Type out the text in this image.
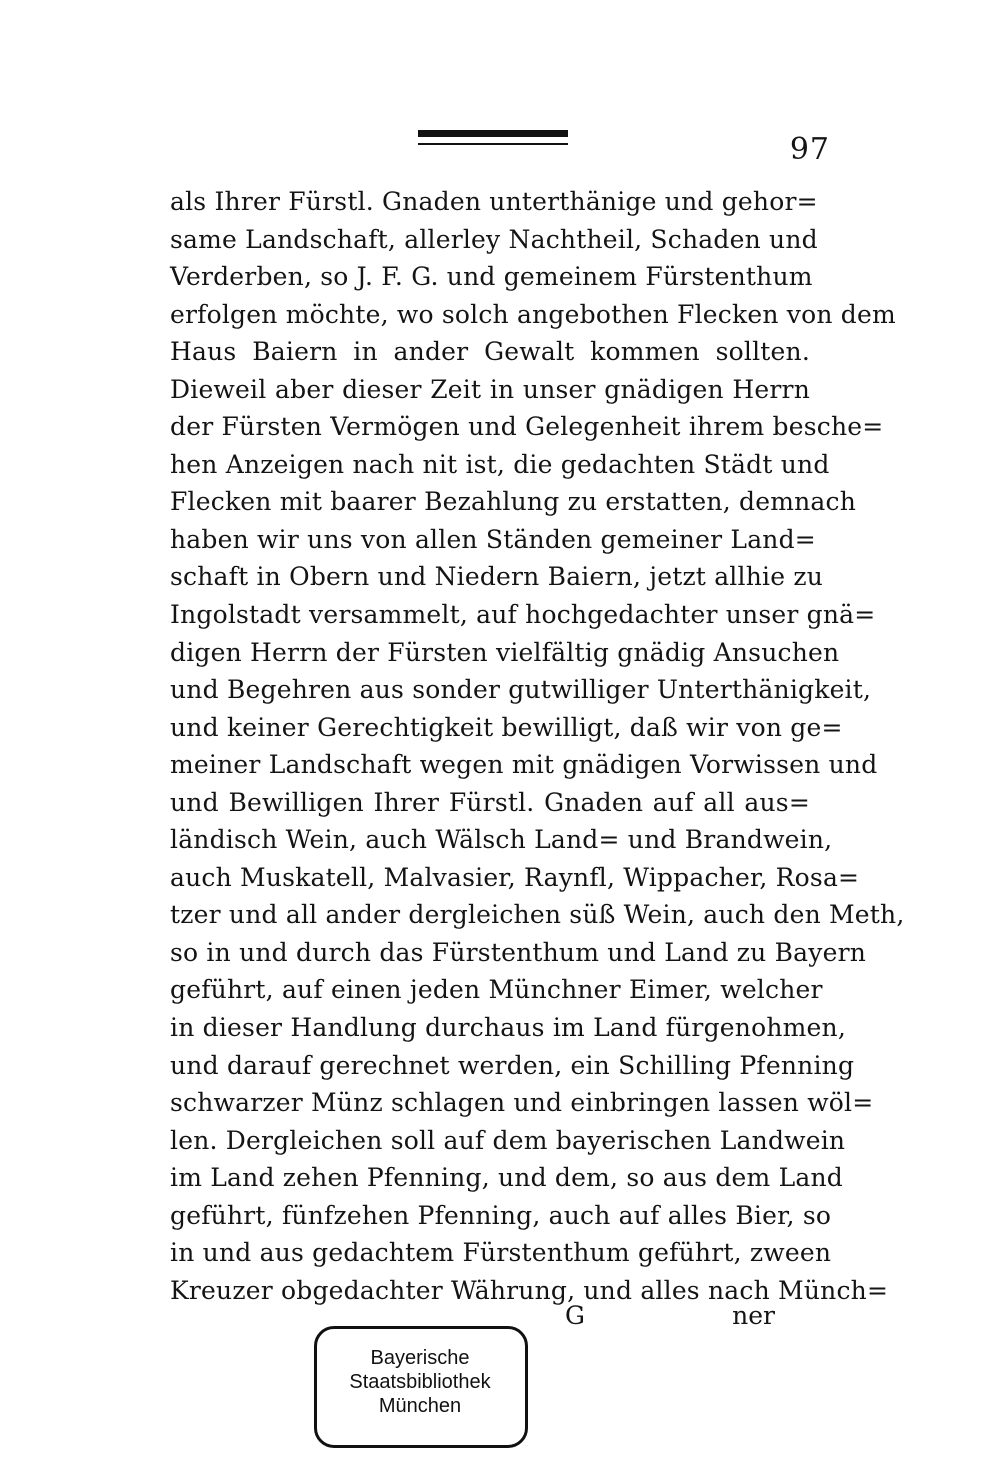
97
als Ihrer Fürstl. Gnaden unterthänige und gehor=
same Landschaft, allerley Nachtheil, Schaden und
Verderben, so J. F. G. und gemeinem Fürstenthum
erfolgen möchte, wo solch angebothen Flecken von dem
Haus Baiern in ander Gewalt kommen sollten.
Dieweil aber dieser Zeit in unser gnädigen Herrn
der Fürsten Vermögen und Gelegenheit ihrem besche=
hen Anzeigen nach nit ist, die gedachten Städt und
Flecken mit baarer Bezahlung zu erstatten, demnach
haben wir uns von allen Ständen gemeiner Land=
schaft in Obern und Niedern Baiern, jetzt allhie zu
Ingolstadt versammelt, auf hochgedachter unser gnä=
digen Herrn der Fürsten vielfältig gnädig Ansuchen
und Begehren aus sonder gutwilliger Unterthänigkeit,
und keiner Gerechtigkeit bewilligt, daß wir von ge=
meiner Landschaft wegen mit gnädigen Vorwissen und
und Bewilligen Ihrer Fürstl. Gnaden auf all aus=
ländisch Wein, auch Wälsch Land= und Brandwein,
auch Muskatell, Malvasier, Raynfl, Wippacher, Rosa=
tzer und all ander dergleichen süß Wein, auch den Meth,
so in und durch das Fürstenthum und Land zu Bayern
geführt, auf einen jeden Münchner Eimer, welcher
in dieser Handlung durchaus im Land fürgenohmen,
und darauf gerechnet werden, ein Schilling Pfenning
schwarzer Münz schlagen und einbringen lassen wöl=
len. Dergleichen soll auf dem bayerischen Landwein
im Land zehen Pfenning, und dem, so aus dem Land
geführt, fünfzehen Pfenning, auch auf alles Bier, so
in und aus gedachtem Fürstenthum geführt, zween
Kreuzer obgedachter Währung, und alles nach Münch=
G	ner
Bayerische
Staatsbibliothek
München
